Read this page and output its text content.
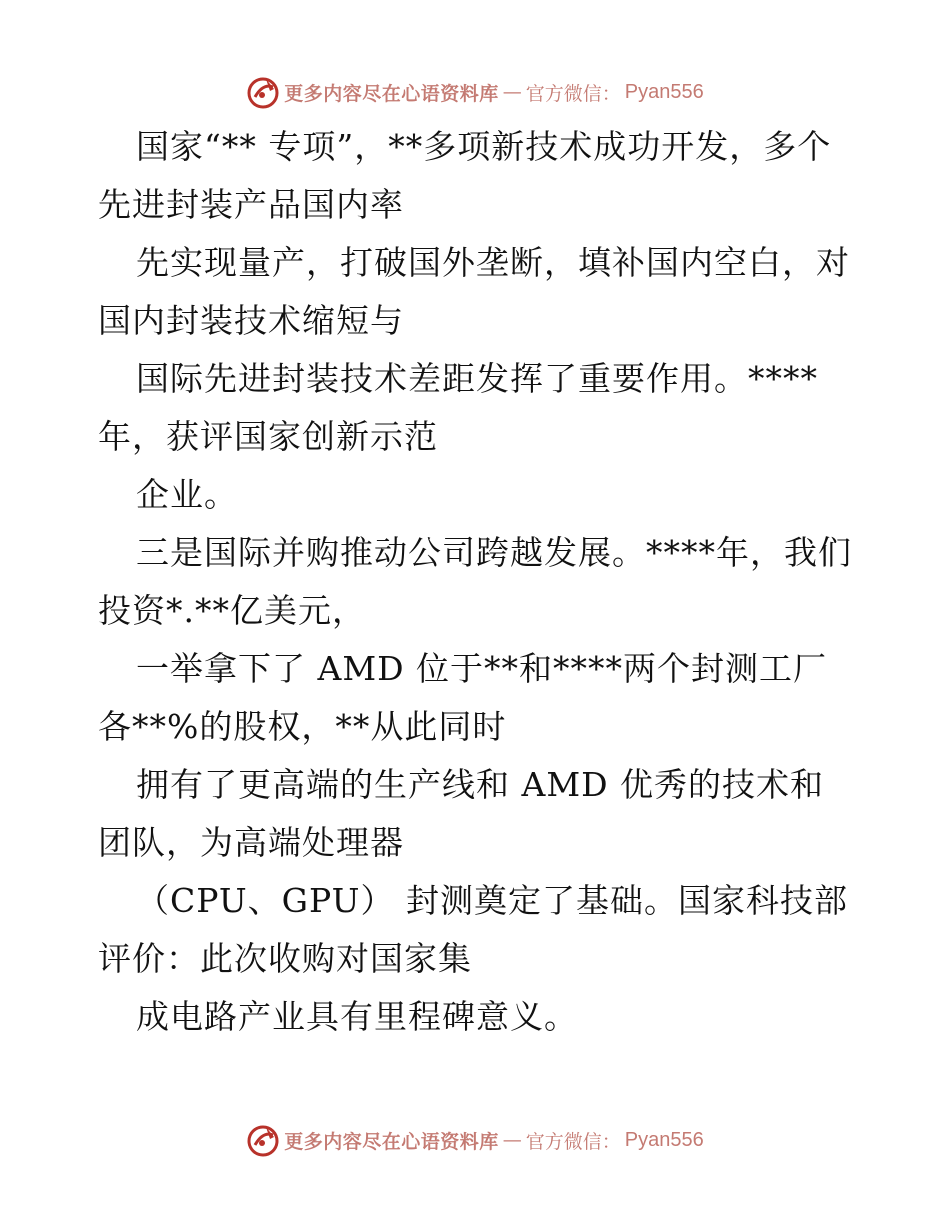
更多内容尽在心语资料库 — 官方微信： Pyan556

国家“** 专项”，**多项新技术成功开发，多个先进封装产品国内率

先实现量产，打破国外垄断，填补国内空白，对国内封装技术缩短与

国际先进封装技术差距发挥了重要作用。****年，获评国家创新示范

企业。

三是国际并购推动公司跨越发展。****年，我们投资*.**亿美元，

一举拿下了 AMD 位于**和****两个封测工厂各**%的股权，**从此同时

拥有了更高端的生产线和 AMD 优秀的技术和团队，为高端处理器

（CPU、GPU） 封测奠定了基础。国家科技部评价：此次收购对国家集

成电路产业具有里程碑意义。

更多内容尽在心语资料库 — 官方微信： Pyan556
